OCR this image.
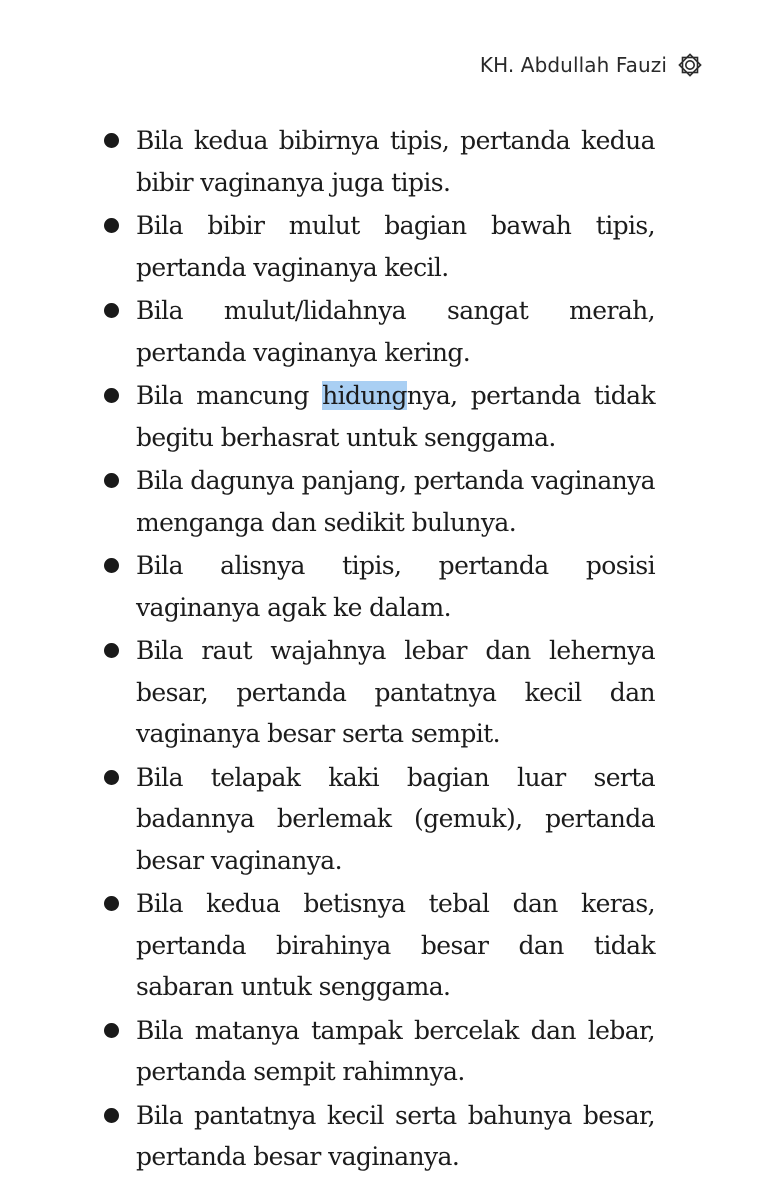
KH. Abdullah Fauzi
Bila kedua bibirnya tipis, pertanda kedua bibir vaginanya juga tipis.
Bila bibir mulut bagian bawah tipis, pertanda vaginanya kecil.
Bila mulut/lidahnya sangat merah, pertanda vaginanya kering.
Bila mancung hidungnya, pertanda tidak begitu berhasrat untuk senggama.
Bila dagunya panjang, pertanda vaginanya menganga dan sedikit bulunya.
Bila alisnya tipis, pertanda posisi vaginanya agak ke dalam.
Bila raut wajahnya lebar dan lehernya besar, pertanda pantatnya kecil dan vaginanya besar serta sempit.
Bila telapak kaki bagian luar serta badannya berlemak (gemuk), pertanda besar vaginanya.
Bila kedua betisnya tebal dan keras, pertanda birahinya besar dan tidak sabaran untuk senggama.
Bila matanya tampak bercelak dan lebar, pertanda sempit rahimnya.
Bila pantatnya kecil serta bahunya besar, pertanda besar vaginanya.
